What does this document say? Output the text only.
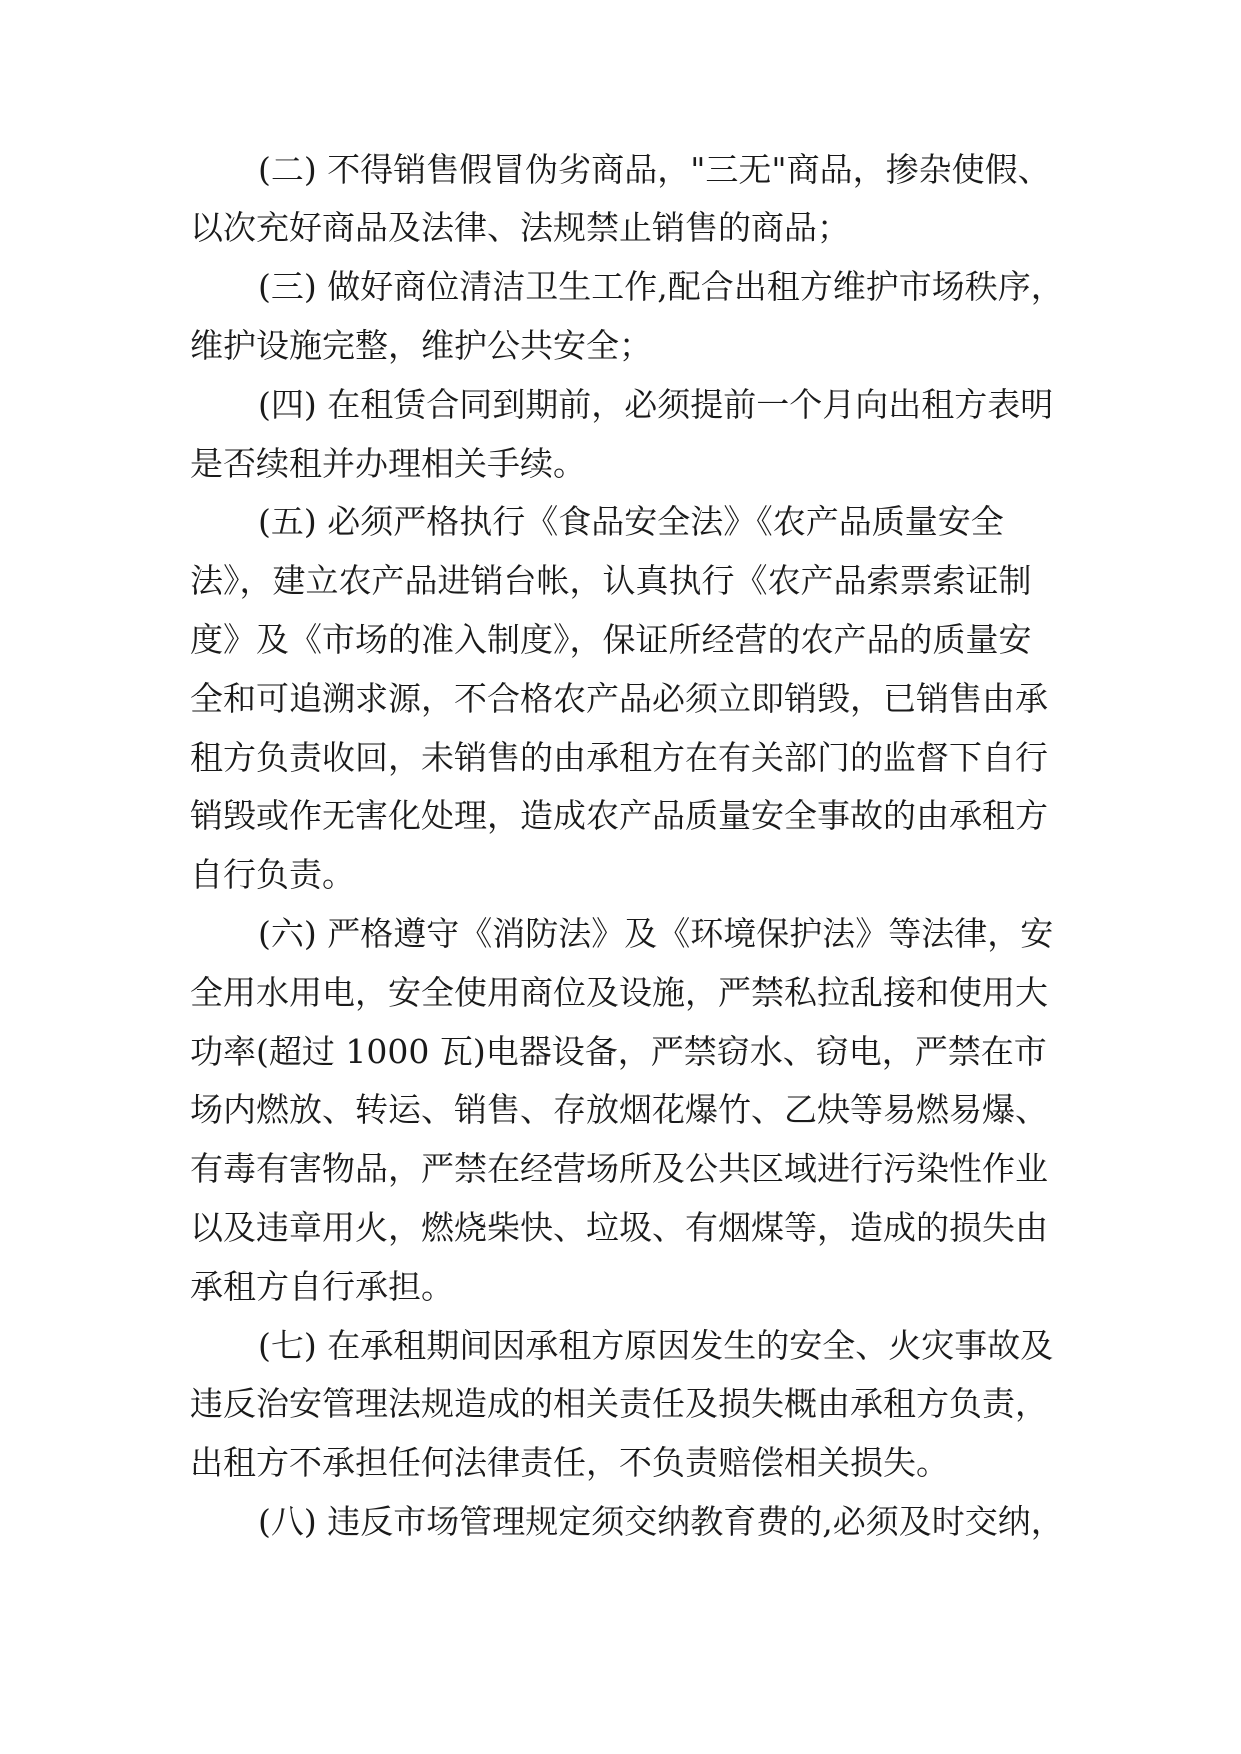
(二) 不得销售假冒伪劣商品，"三无"商品，掺杂使假、
以次充好商品及法律、法规禁止销售的商品；
(三) 做好商位清洁卫生工作,配合出租方维护市场秩序，
维护设施完整，维护公共安全；
(四) 在租赁合同到期前，必须提前一个月向出租方表明
是否续租并办理相关手续。
(五) 必须严格执行《食品安全法》《农产品质量安全
法》，建立农产品进销台帐，认真执行《农产品索票索证制
度》及《市场的准入制度》，保证所经营的农产品的质量安
全和可追溯求源，不合格农产品必须立即销毁，已销售由承
租方负责收回，未销售的由承租方在有关部门的监督下自行
销毁或作无害化处理，造成农产品质量安全事故的由承租方
自行负责。
(六) 严格遵守《消防法》及《环境保护法》等法律，安
全用水用电，安全使用商位及设施，严禁私拉乱接和使用大
功率(超过 1000 瓦)电器设备，严禁窃水、窃电，严禁在市
场内燃放、转运、销售、存放烟花爆竹、乙炔等易燃易爆、
有毒有害物品，严禁在经营场所及公共区域进行污染性作业
以及违章用火，燃烧柴快、垃圾、有烟煤等，造成的损失由
承租方自行承担。
(七) 在承租期间因承租方原因发生的安全、火灾事故及
违反治安管理法规造成的相关责任及损失概由承租方负责，
出租方不承担任何法律责任，不负责赔偿相关损失。
(八) 违反市场管理规定须交纳教育费的,必须及时交纳，
